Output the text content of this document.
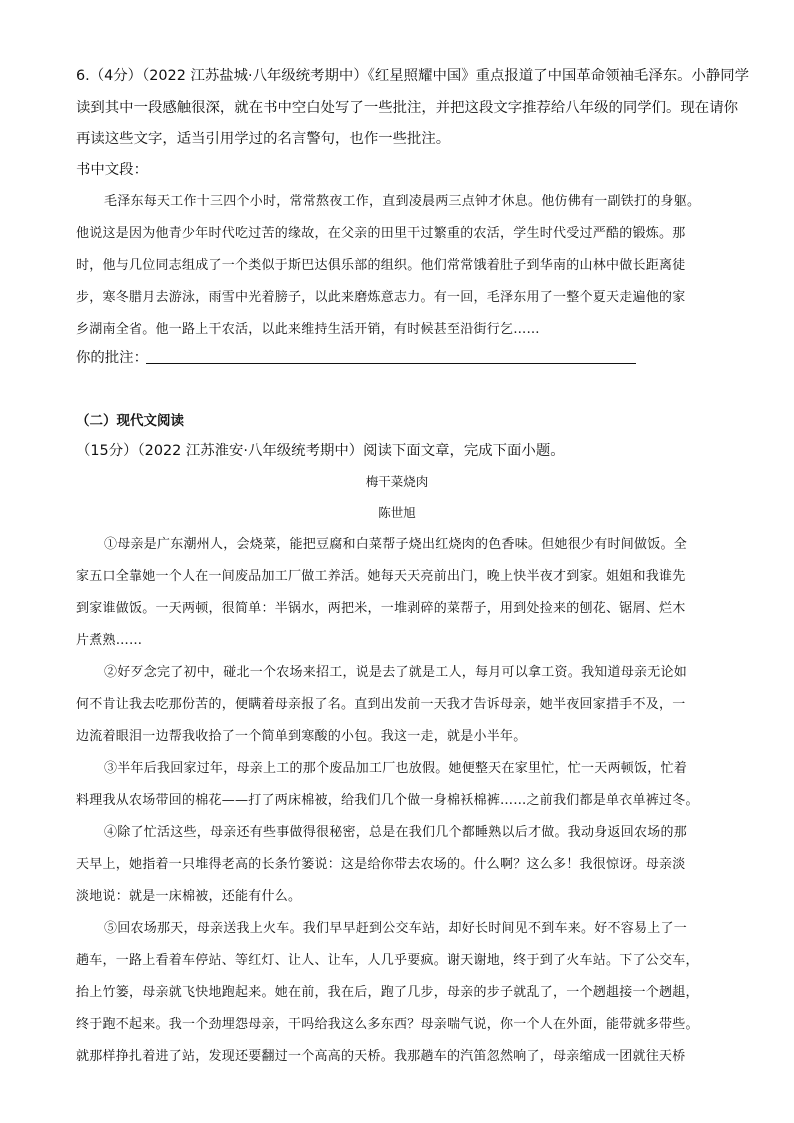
6.（4分）（2022 江苏盐城·八年级统考期中）《红星照耀中国》重点报道了中国革命领袖毛泽东。小静同学
读到其中一段感触很深，就在书中空白处写了一些批注，并把这段文字推荐给八年级的同学们。现在请你
再读这些文字，适当引用学过的名言警句，也作一些批注。
书中文段：
毛泽东每天工作十三四个小时，常常熬夜工作，直到凌晨两三点钟才休息。他仿佛有一副铁打的身躯。
他说这是因为他青少年时代吃过苦的缘故，在父亲的田里干过繁重的农活，学生时代受过严酷的锻炼。那
时，他与几位同志组成了一个类似于斯巴达俱乐部的组织。他们常常饿着肚子到华南的山林中做长距离徒
步，寒冬腊月去游泳，雨雪中光着膀子，以此来磨炼意志力。有一回，毛泽东用了一整个夏天走遍他的家
乡湖南全省。他一路上干农活，以此来维持生活开销，有时候甚至沿街行乞……
你的批注：
（二）现代文阅读
（15分）（2022 江苏淮安·八年级统考期中）阅读下面文章，完成下面小题。
梅干菜烧肉
陈世旭
①母亲是广东潮州人，会烧菜，能把豆腐和白菜帮子烧出红烧肉的色香味。但她很少有时间做饭。全
家五口全靠她一个人在一间废品加工厂做工养活。她每天天亮前出门，晚上快半夜才到家。姐姐和我谁先
到家谁做饭。一天两顿，很简单：半锅水，两把米，一堆剥碎的菜帮子，用到处捡来的刨花、锯屑、烂木
片煮熟……
②好歹念完了初中，碰北一个农场来招工，说是去了就是工人，每月可以拿工资。我知道母亲无论如
何不肯让我去吃那份苦的，便瞒着母亲报了名。直到出发前一天我才告诉母亲，她半夜回家措手不及，一
边流着眼泪一边帮我收拾了一个简单到寒酸的小包。我这一走，就是小半年。
③半年后我回家过年，母亲上工的那个废品加工厂也放假。她便整天在家里忙，忙一天两顿饭，忙着
料理我从农场带回的棉花——打了两床棉被，给我们几个做一身棉袄棉裤……之前我们都是单衣单裤过冬。
④除了忙活这些，母亲还有些事做得很秘密，总是在我们几个都睡熟以后才做。我动身返回农场的那
天早上，她指着一只堆得老高的长条竹篓说：这是给你带去农场的。什么啊？这么多！我很惊讶。母亲淡
淡地说：就是一床棉被，还能有什么。
⑤回农场那天，母亲送我上火车。我们早早赶到公交车站，却好长时间见不到车来。好不容易上了一
趟车，一路上看着车停站、等红灯、让人、让车，人几乎要疯。谢天谢地，终于到了火车站。下了公交车，
抬上竹篓，母亲就飞快地跑起来。她在前，我在后，跑了几步，母亲的步子就乱了，一个趔趄接一个趔趄，
终于跑不起来。我一个劲埋怨母亲，干吗给我这么多东西？母亲喘气说，你一个人在外面，能带就多带些。
就那样挣扎着进了站，发现还要翻过一个高高的天桥。我那趟车的汽笛忽然响了，母亲缩成一团就往天桥
